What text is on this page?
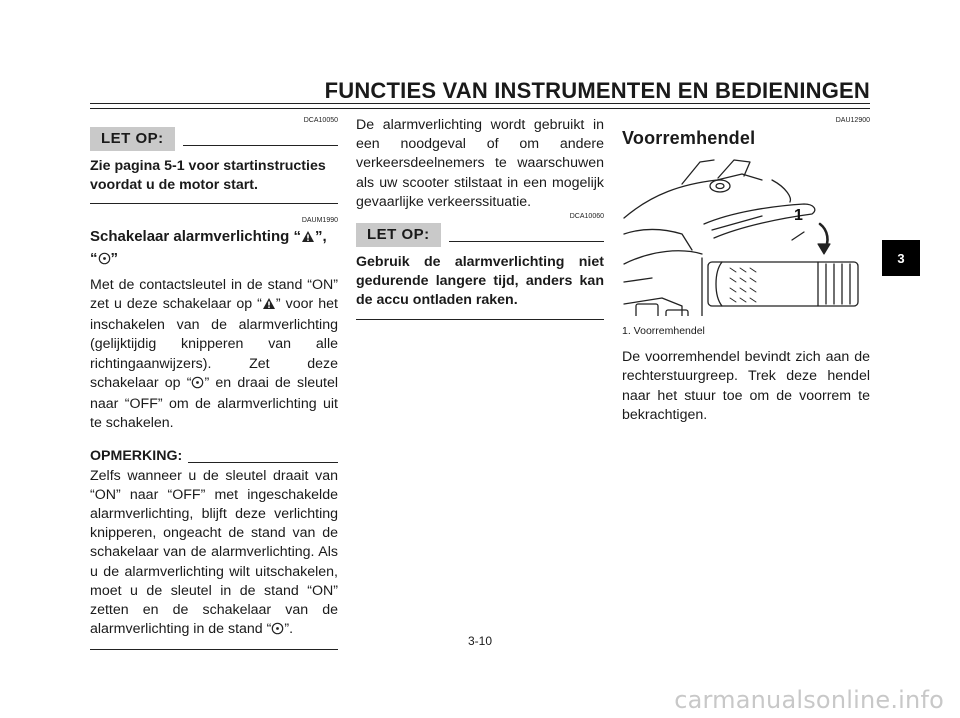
FUNCTIES VAN INSTRUMENTEN EN BEDIENINGEN
DCA10050
LET OP:
Zie pagina 5-1 voor startinstructies voordat u de motor start.
DAUM1990
Schakelaar alarmverlichting “ ”,
“ ”
Met de contactsleutel in de stand “ON” zet u deze schakelaar op “ ” voor het inschakelen van de alarmverlichting (gelijktijdig knipperen van alle richtingaanwijzers). Zet deze schakelaar op “ ” en draai de sleutel naar “OFF” om de alarmverlichting uit te schakelen.
OPMERKING:
Zelfs wanneer u de sleutel draait van “ON” naar “OFF” met ingeschakelde alarmverlichting, blijft deze verlichting knipperen, ongeacht de stand van de schakelaar van de alarmverlichting. Als u de alarmverlichting wilt uitschakelen, moet u de sleutel in de stand “ON” zetten en de schakelaar van de alarmverlichting in de stand “ ”.
De alarmverlichting wordt gebruikt in een noodgeval of om andere verkeersdeelnemers te waarschuwen als uw scooter stilstaat in een mogelijk gevaarlijke verkeerssituatie.
DCA10060
LET OP:
Gebruik de alarmverlichting niet gedurende langere tijd, anders kan de accu ontladen raken.
DAU12900
Voorremhendel
1
1. Voorremhendel
De voorremhendel bevindt zich aan de rechterstuurgreep. Trek deze hendel naar het stuur toe om de voorrem te bekrachtigen.
3
3-10
carmanualsonline.info
